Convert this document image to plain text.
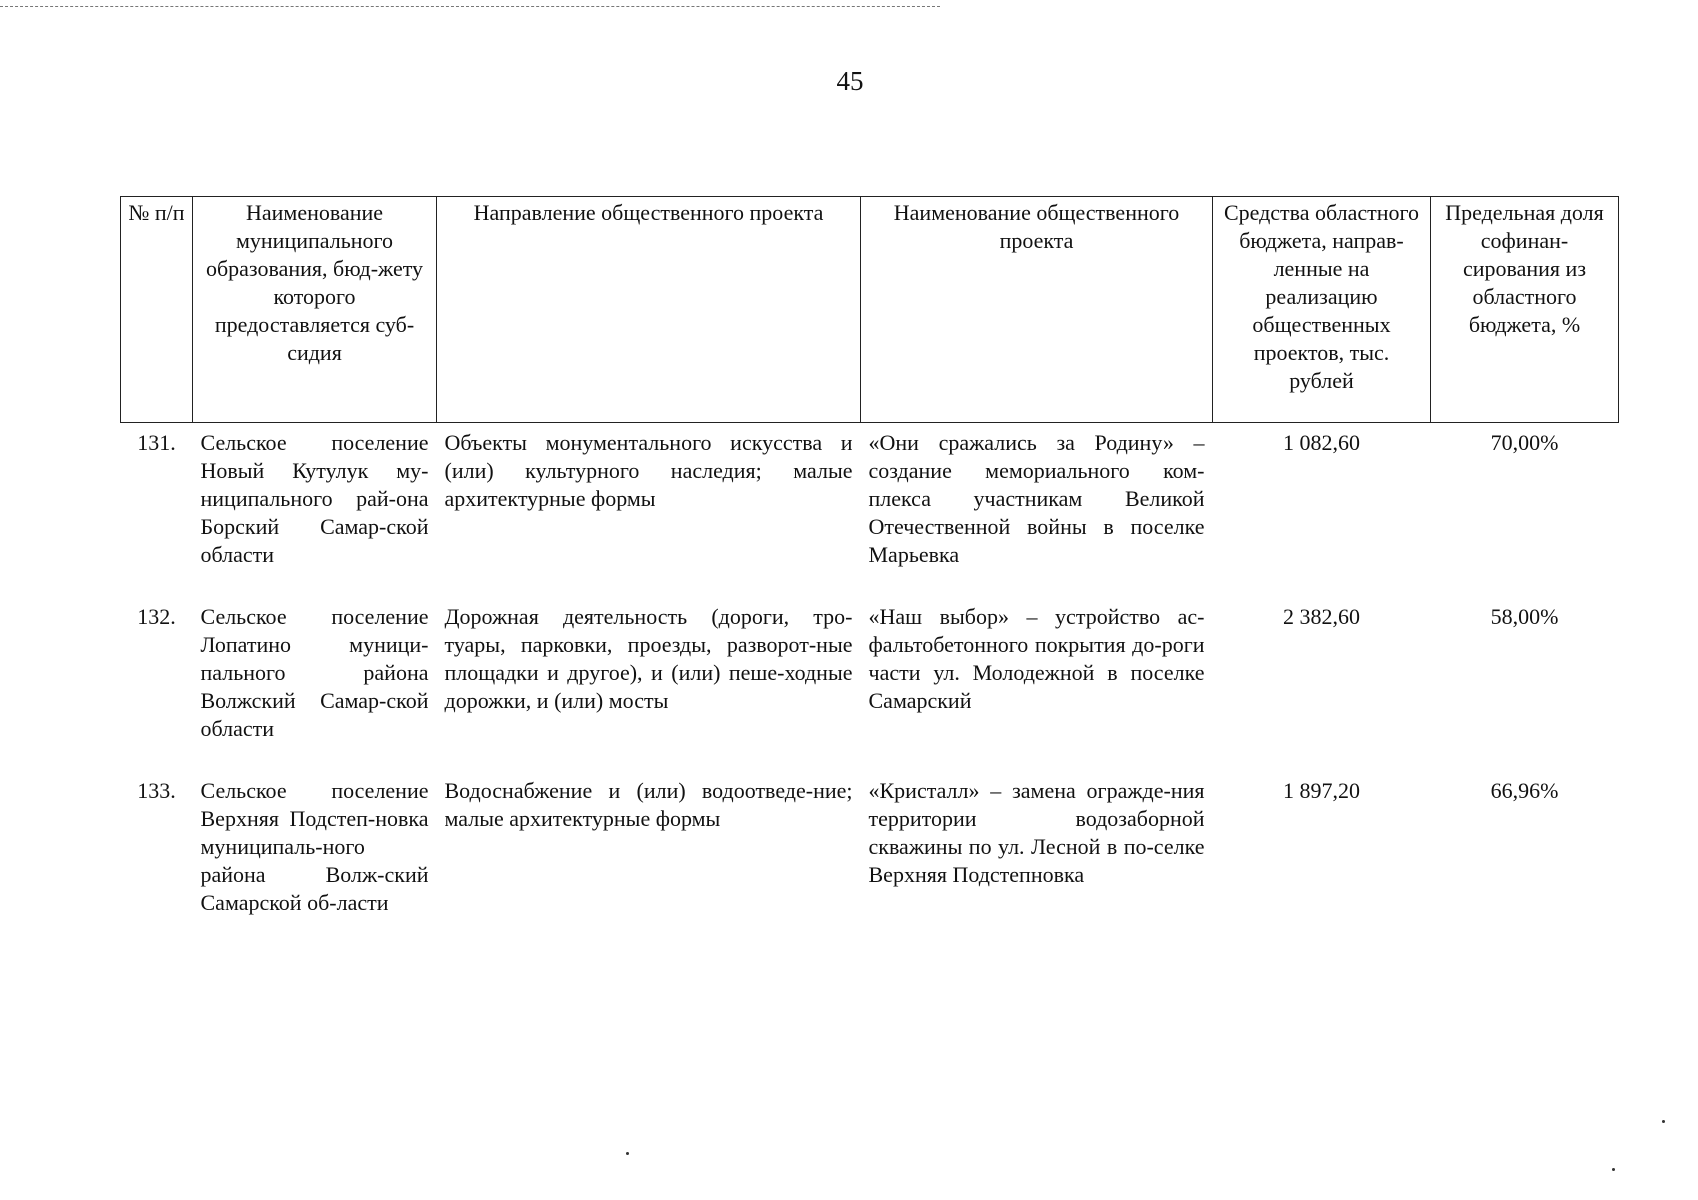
45
№ п/п	Наименование муниципального образования, бюд-жету которого предоставляется суб-сидия	Направление общественного проекта	Наименование общественного проекта	Средства областного бюджета, направ-ленные на реализацию общественных проектов, тыс. рублей	Предельная доля софинан-сирования из областного бюджета, %
131.	Сельское поселение Новый Кутулук му-ниципального рай-она Борский Самар-ской области	Объекты монументального искусства и (или) культурного наследия; малые архитектурные формы	«Они сражались за Родину» – создание мемориального ком-плекса участникам Великой Отечественной войны в поселке Марьевка	1 082,60	70,00%
132.	Сельское поселение Лопатино муници-пального района Волжский Самар-ской области	Дорожная деятельность (дороги, тро-туары, парковки, проезды, разворот-ные площадки и другое), и (или) пеше-ходные дорожки, и (или) мосты	«Наш выбор» – устройство ас-фальтобетонного покрытия до-роги части ул. Молодежной в поселке Самарский	2 382,60	58,00%
133.	Сельское поселение Верхняя Подстеп-новка муниципаль-ного района Волж-ский Самарской об-ласти	Водоснабжение и (или) водоотведе-ние; малые архитектурные формы	«Кристалл» – замена огражде-ния территории водозаборной скважины по ул. Лесной в по-селке Верхняя Подстепновка	1 897,20	66,96%
